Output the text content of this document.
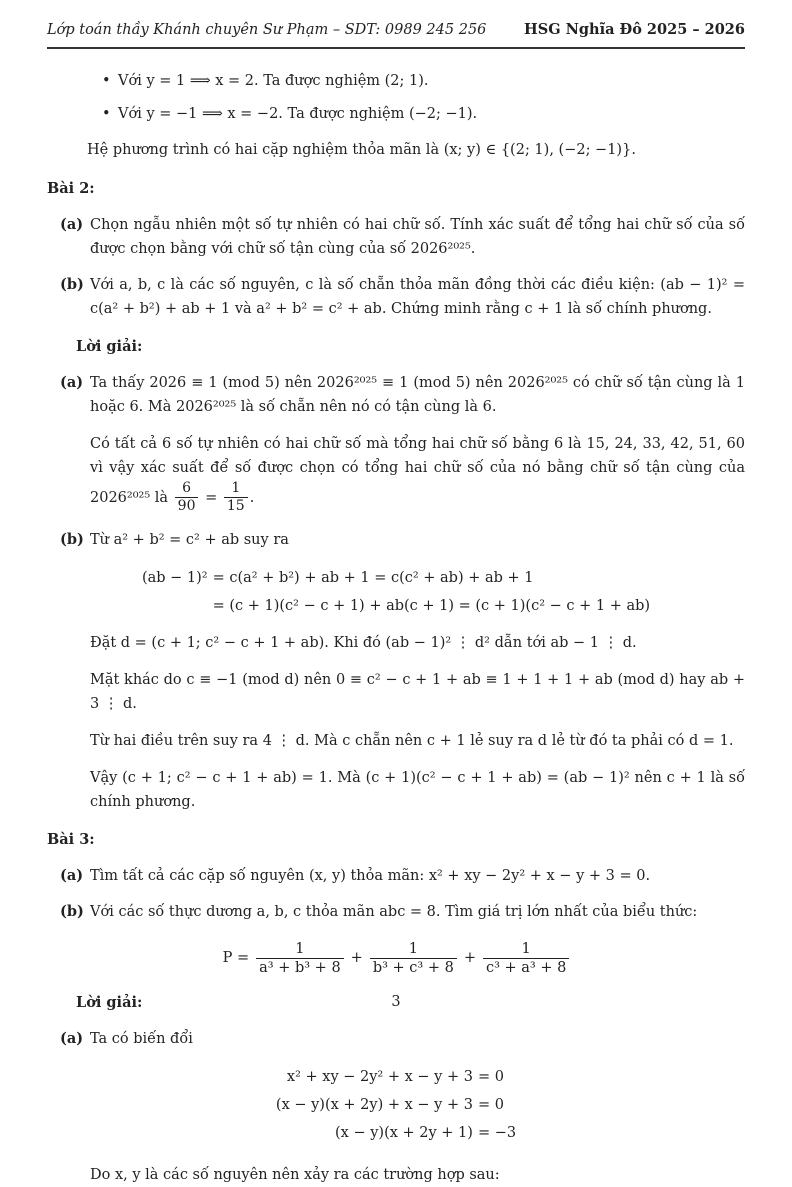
Lớp toán thầy Khánh chuyên Sư Phạm – SDT: 0989 245 256	HSG Nghĩa Đô 2025 – 2026
• Với y = 1 ⟹ x = 2. Ta được nghiệm (2; 1).
• Với y = −1 ⟹ x = −2. Ta được nghiệm (−2; −1).

Hệ phương trình có hai cặp nghiệm thỏa mãn là (x; y) ∈ {(2; 1), (−2; −1)}.

Bài 2:
(a) Chọn ngẫu nhiên một số tự nhiên có hai chữ số. Tính xác suất để tổng hai chữ số của số được chọn bằng với chữ số tận cùng của số 2026²⁰²⁵.
(b) Với a, b, c là các số nguyên, c là số chẵn thỏa mãn đồng thời các điều kiện: (ab − 1)² = c(a² + b²) + ab + 1 và a² + b² = c² + ab. Chứng minh rằng c + 1 là số chính phương.
Lời giải:
(a) Ta thấy 2026 ≡ 1 (mod 5) nên 2026²⁰²⁵ ≡ 1 (mod 5) nên 2026²⁰²⁵ có chữ số tận cùng là 1 hoặc 6. Mà 2026²⁰²⁵ là số chẵn nên nó có tận cùng là 6.
Có tất cả 6 số tự nhiên có hai chữ số mà tổng hai chữ số bằng 6 là 15, 24, 33, 42, 51, 60 vì vậy xác suất để số được chọn có tổng hai chữ số của nó bằng chữ số tận cùng của 2026²⁰²⁵ là $\frac{6}{90} = \frac{1}{15}$ .
(b) Từ a² + b² = c² + ab suy ra
(ab − 1)² = c(a² + b²) + ab + 1 = c(c² + ab) + ab + 1
= (c + 1)(c² − c + 1) + ab(c + 1) = (c + 1)(c² − c + 1 + ab)
Đặt d = (c + 1; c² − c + 1 + ab). Khi đó (ab − 1)² ⋮ d² dẫn tới ab − 1 ⋮ d.
Mặt khác do c ≡ −1 (mod d) nên 0 ≡ c² − c + 1 + ab ≡ 1 + 1 + 1 + ab (mod d) hay ab + 3 ⋮ d.
Từ hai điều trên suy ra 4 ⋮ d. Mà c chẵn nên c + 1 lẻ suy ra d lẻ từ đó ta phải có d = 1.
Vậy (c + 1; c² − c + 1 + ab) = 1. Mà (c + 1)(c² − c + 1 + ab) = (ab − 1)² nên c + 1 là số chính phương.
Bài 3:
(a) Tìm tất cả các cặp số nguyên (x, y) thỏa mãn: x² + xy − 2y² + x − y + 3 = 0.
(b) Với các số thực dương a, b, c thỏa mãn abc = 8. Tìm giá trị lớn nhất của biểu thức:
$P = \frac{1}{\text{a³ + b³ + 8}} + \frac{1}{\text{b³ + c³ + 8}} + \frac{1}{\text{c³ + a³ + 8}}$
Lời giải:
(a) Ta có biến đổi
x² + xy − 2y² + x − y + 3 = 0
(x − y)(x + 2y) + x − y + 3 = 0
(x − y)(x + 2y + 1) = −3
Do x, y là các số nguyên nên xảy ra các trường hợp sau:
3
